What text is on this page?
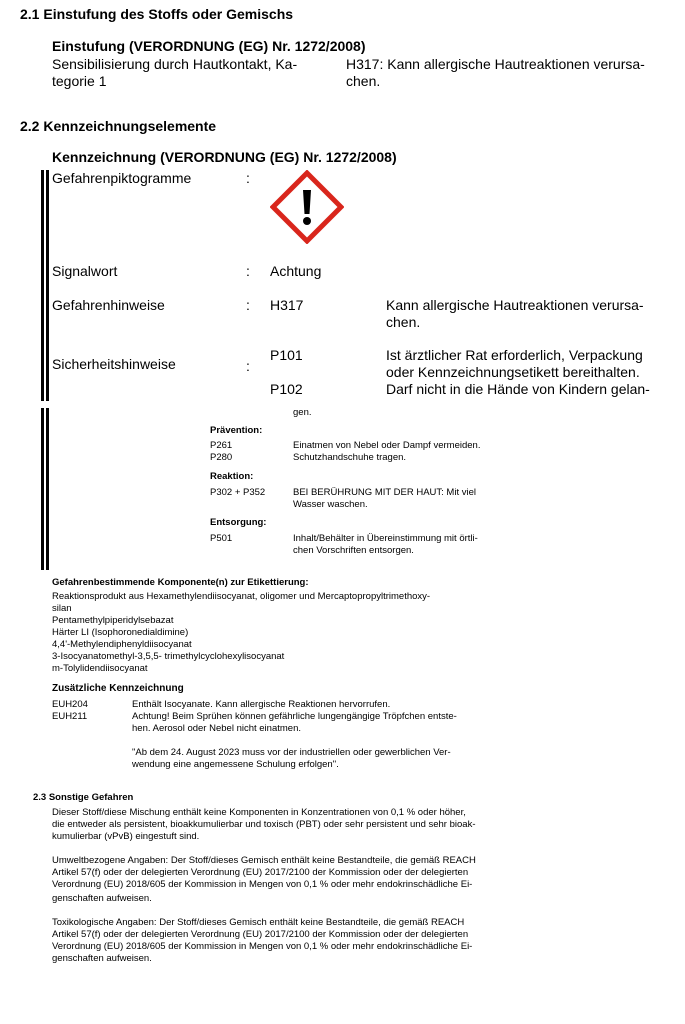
2.1 Einstufung des Stoffs oder Gemischs
Einstufung (VERORDNUNG (EG) Nr. 1272/2008)
Sensibilisierung durch Hautkontakt, Ka-
tegorie 1
H317: Kann allergische Hautreaktionen verursa-
chen.
2.2 Kennzeichnungselemente
Kennzeichnung (VERORDNUNG (EG) Nr. 1272/2008)
Gefahrenpiktogramme	:
Signalwort	: Achtung
Gefahrenhinweise	: H317	Kann allergische Hautreaktionen verursa-
chen.
Sicherheitshinweise	:
P101	Ist ärztlicher Rat erforderlich, Verpackung
oder Kennzeichnungsetikett bereithalten.
P102	Darf nicht in die Hände von Kindern gelan-
gen.
Prävention:
P261	Einatmen von Nebel oder Dampf vermeiden.
P280	Schutzhandschuhe tragen.
Reaktion:
P302 + P352	BEI BERÜHRUNG MIT DER HAUT: Mit viel
Wasser waschen.
Entsorgung:
P501	Inhalt/Behälter in Übereinstimmung mit örtli-
chen Vorschriften entsorgen.
Gefahrenbestimmende Komponente(n) zur Etikettierung:
Reaktionsprodukt aus Hexamethylendiisocyanat, oligomer und Mercaptopropyltrimethoxy-
silan
Pentamethylpiperidylsebazat
Härter LI (Isophoronedialdimine)
4,4'-Methylendiphenyldiisocyanat
3-Isocyanatomethyl-3,5,5- trimethylcyclohexylisocyanat
m-Tolylidendiisocyanat
Zusätzliche Kennzeichnung
EUH204	Enthält Isocyanate. Kann allergische Reaktionen hervorrufen.
EUH211	Achtung! Beim Sprühen können gefährliche lungengängige Tröpfchen entste-
hen. Aerosol oder Nebel nicht einatmen.
"Ab dem 24. August 2023 muss vor der industriellen oder gewerblichen Ver-
wendung eine angemessene Schulung erfolgen".
2.3 Sonstige Gefahren
Dieser Stoff/diese Mischung enthält keine Komponenten in Konzentrationen von 0,1 % oder höher,
die entweder als persistent, bioakkumulierbar und toxisch (PBT) oder sehr persistent und sehr bioak-
kumulierbar (vPvB) eingestuft sind.
Umweltbezogene Angaben: Der Stoff/dieses Gemisch enthält keine Bestandteile, die gemäß REACH
Artikel 57(f) oder der delegierten Verordnung (EU) 2017/2100 der Kommission oder der delegierten
Verordnung (EU) 2018/605 der Kommission in Mengen von 0,1 % oder mehr endokrinschädliche Ei-
genschaften aufweisen.
Toxikologische Angaben: Der Stoff/dieses Gemisch enthält keine Bestandteile, die gemäß REACH
Artikel 57(f) oder der delegierten Verordnung (EU) 2017/2100 der Kommission oder der delegierten
Verordnung (EU) 2018/605 der Kommission in Mengen von 0,1 % oder mehr endokrinschädliche Ei-
genschaften aufweisen.
